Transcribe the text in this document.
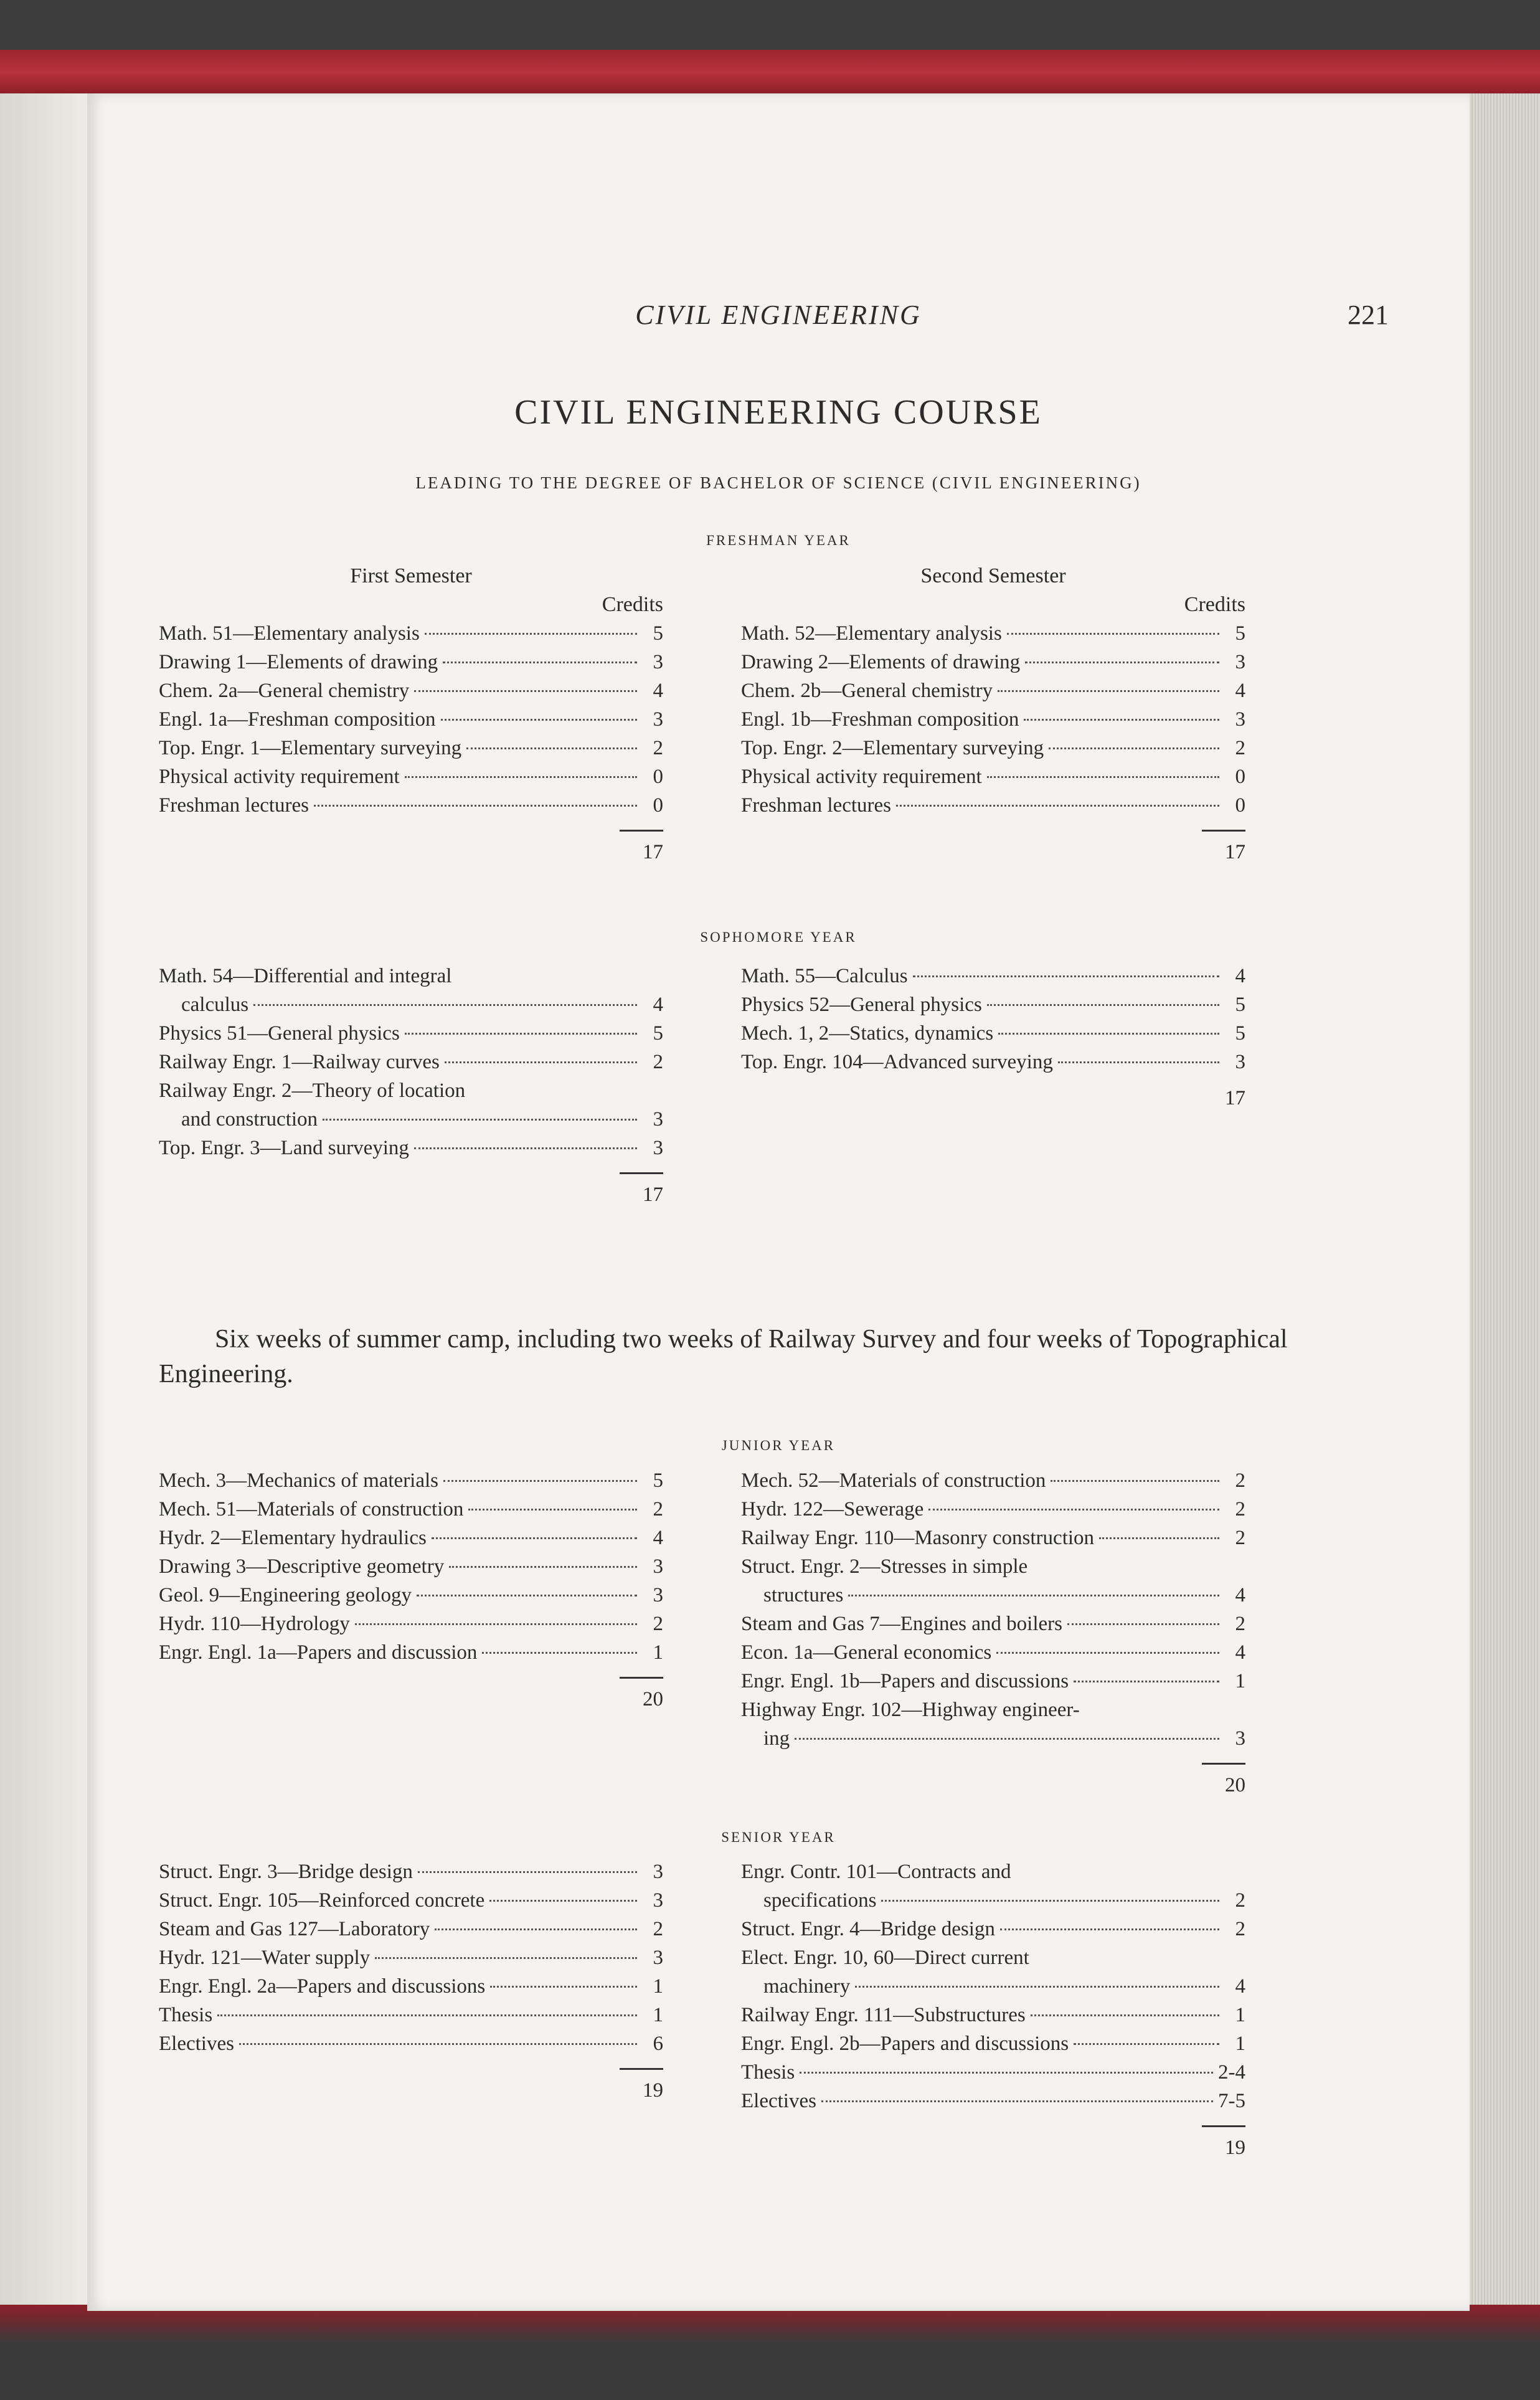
CIVIL ENGINEERING	221
CIVIL ENGINEERING COURSE
LEADING TO THE DEGREE OF BACHELOR OF SCIENCE (CIVIL ENGINEERING)
FRESHMAN YEAR
First Semester
Credits
Math. 51—Elementary analysis	5
Drawing 1—Elements of drawing	3
Chem. 2a—General chemistry	4
Engl. 1a—Freshman composition	3
Top. Engr. 1—Elementary surveying	2
Physical activity requirement	0
Freshman lectures	0
17
Second Semester
Credits
Math. 52—Elementary analysis	5
Drawing 2—Elements of drawing	3
Chem. 2b—General chemistry	4
Engl. 1b—Freshman composition	3
Top. Engr. 2—Elementary surveying	2
Physical activity requirement	0
Freshman lectures	0
17
SOPHOMORE YEAR
Math. 54—Differential and integral
calculus	4
Physics 51—General physics	5
Railway Engr. 1—Railway curves	2
Railway Engr. 2—Theory of location
and construction	3
Top. Engr. 3—Land surveying	3
17
Math. 55—Calculus	4
Physics 52—General physics	5
Mech. 1, 2—Statics, dynamics	5
Top. Engr. 104—Advanced surveying	3
17
Six weeks of summer camp, including two weeks of Railway Survey and four weeks of Topographical Engineering.
JUNIOR YEAR
Mech. 3—Mechanics of materials	5
Mech. 51—Materials of construction	2
Hydr. 2—Elementary hydraulics	4
Drawing 3—Descriptive geometry	3
Geol. 9—Engineering geology	3
Hydr. 110—Hydrology	2
Engr. Engl. 1a—Papers and discussion	1
20
Mech. 52—Materials of construction	2
Hydr. 122—Sewerage	2
Railway Engr. 110—Masonry construction	2
Struct. Engr. 2—Stresses in simple
structures	4
Steam and Gas 7—Engines and boilers	2
Econ. 1a—General economics	4
Engr. Engl. 1b—Papers and discussions	1
Highway Engr. 102—Highway engineer-
ing	3
20
SENIOR YEAR
Struct. Engr. 3—Bridge design	3
Struct. Engr. 105—Reinforced concrete	3
Steam and Gas 127—Laboratory	2
Hydr. 121—Water supply	3
Engr. Engl. 2a—Papers and discussions	1
Thesis	1
Electives	6
19
Engr. Contr. 101—Contracts and
specifications	2
Struct. Engr. 4—Bridge design	2
Elect. Engr. 10, 60—Direct current
machinery	4
Railway Engr. 111—Substructures	1
Engr. Engl. 2b—Papers and discussions	1
Thesis	2-4
Electives	7-5
19
